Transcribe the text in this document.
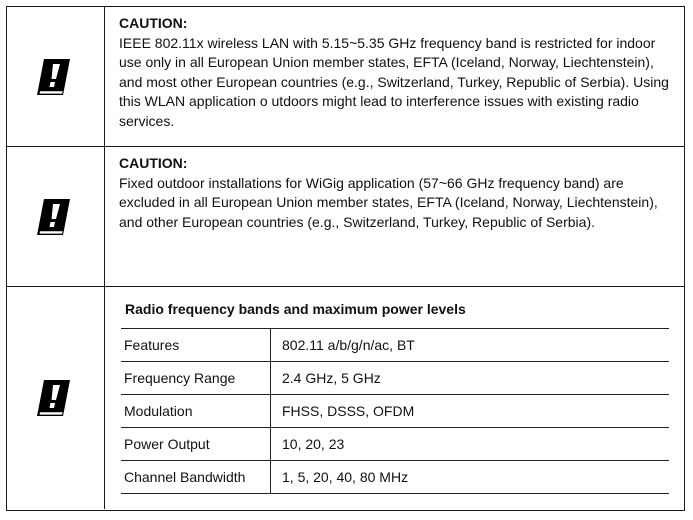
CAUTION:
IEEE 802.11x wireless LAN with 5.15~5.35 GHz frequency band is restricted for indoor use only in all European Union member states, EFTA (Iceland, Norway, Liechtenstein), and most other European countries (e.g., Switzerland, Turkey, Republic of Serbia). Using this WLAN application o utdoors might lead to interference issues with existing radio services.
CAUTION:
Fixed outdoor installations for WiGig application (57~66 GHz frequency band) are excluded in all European Union member states, EFTA (Iceland, Norway, Liechtenstein), and other European countries (e.g., Switzerland, Turkey, Republic of Serbia).
Radio frequency bands and maximum power levels
Features	802.11 a/b/g/n/ac, BT
Frequency Range	2.4 GHz, 5 GHz
Modulation	FHSS, DSSS, OFDM
Power Output	10, 20, 23
Channel Bandwidth	1, 5, 20, 40, 80 MHz
